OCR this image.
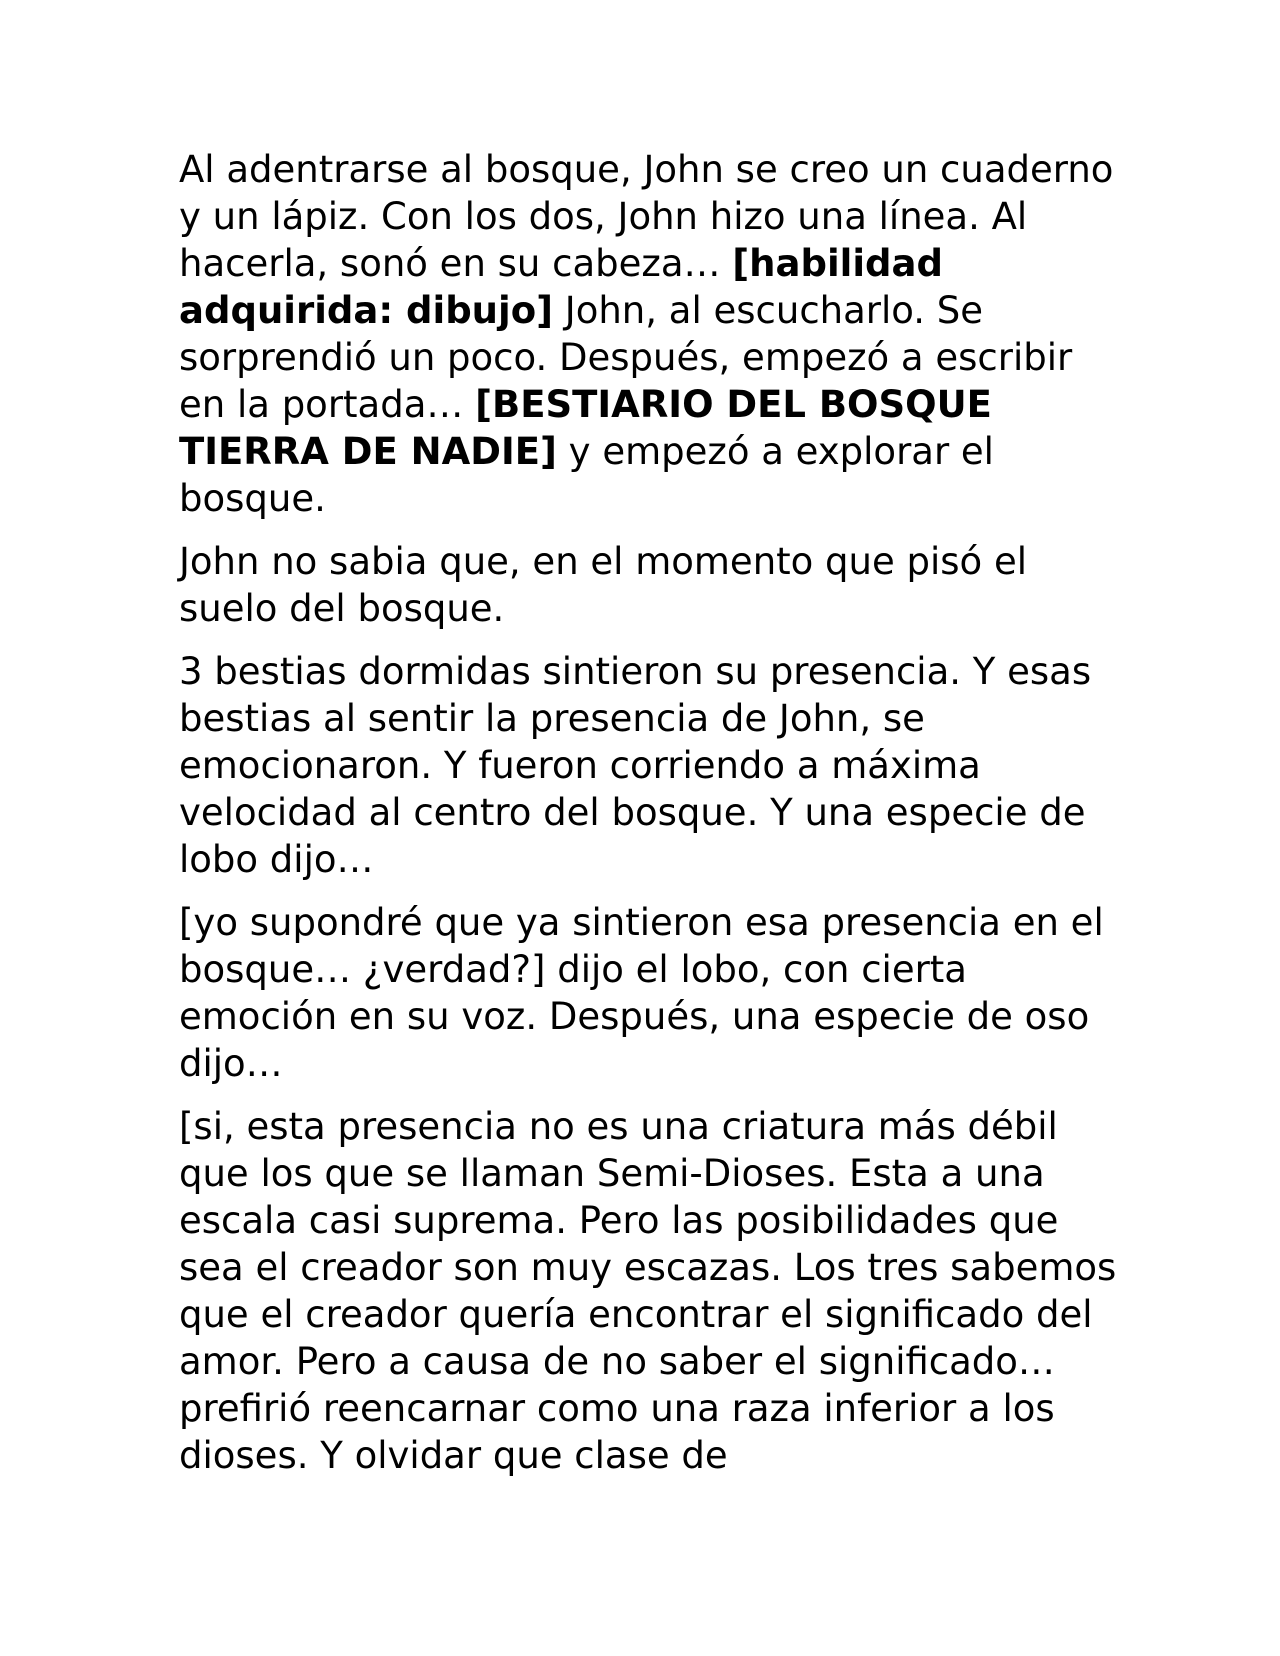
Al adentrarse al bosque, John se creo un cuaderno y un lápiz. Con los dos, John hizo una línea. Al hacerla, sonó en su cabeza… [habilidad adquirida: dibujo] John, al escucharlo. Se sorprendió un poco. Después, empezó a escribir en la portada… [BESTIARIO DEL BOSQUE TIERRA DE NADIE] y empezó a explorar el bosque.

John no sabia que, en el momento que pisó el suelo del bosque.

3 bestias dormidas sintieron su presencia. Y esas bestias al sentir la presencia de John, se emocionaron. Y fueron corriendo a máxima velocidad al centro del bosque. Y una especie de lobo dijo…

[yo supondré que ya sintieron esa presencia en el bosque… ¿verdad?] dijo el lobo, con cierta emoción en su voz. Después, una especie de oso dijo…

[si, esta presencia no es una criatura más débil que los que se llaman Semi-Dioses. Esta a una escala casi suprema. Pero las posibilidades que sea el creador son muy escazas. Los tres sabemos que el creador quería encontrar el significado del amor. Pero a causa de no saber el significado… prefirió reencarnar como una raza inferior a los dioses. Y olvidar que clase de
